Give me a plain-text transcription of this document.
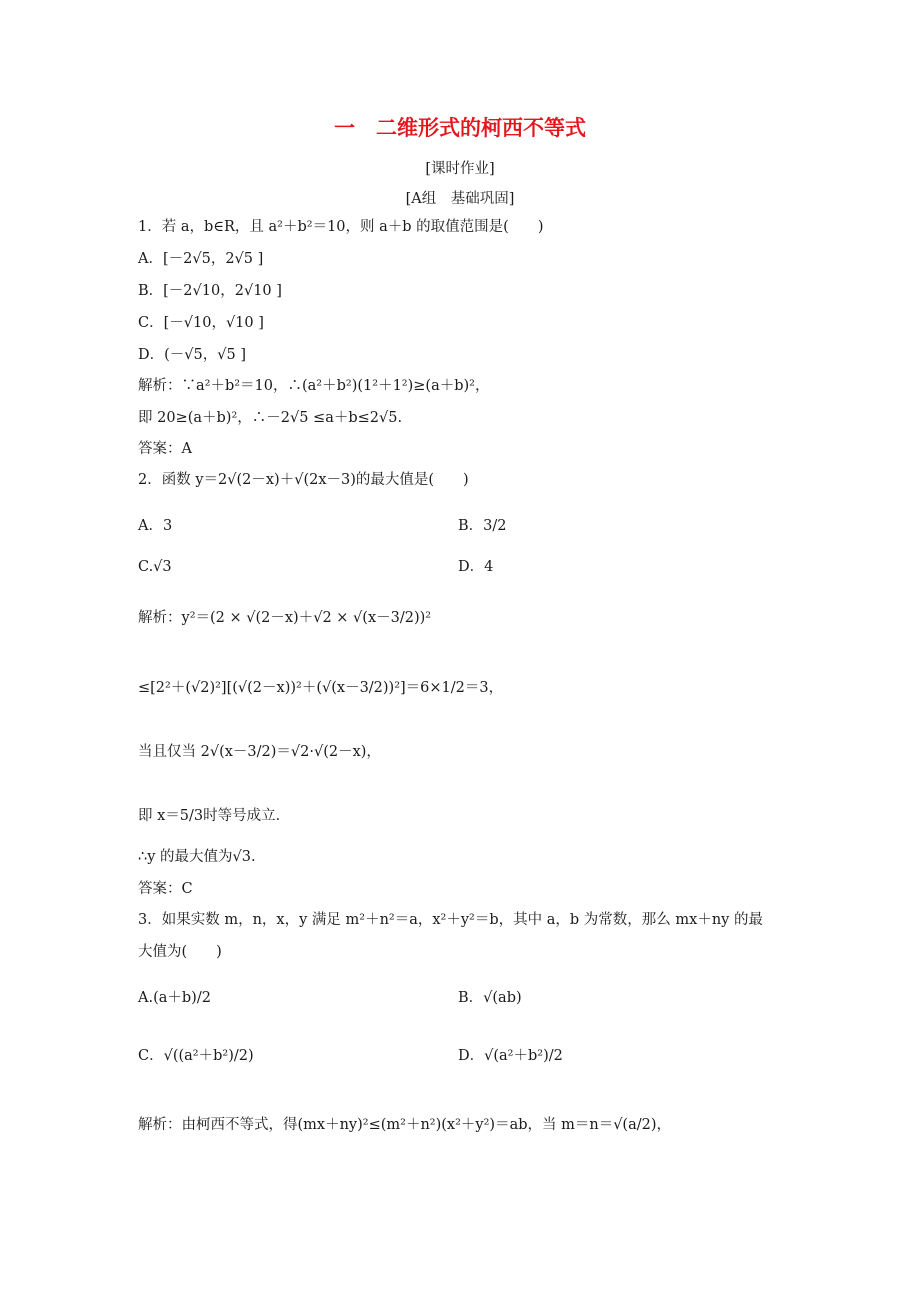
一　二维形式的柯西不等式
[课时作业]
[A组　基础巩固]
1．若 a，b∈R，且 a²＋b²＝10，则 a＋b 的取值范围是(　　)
A．[－2√5，2√5 ]
B．[－2√10，2√10 ]
C．[－√10，√10 ]
D．(－√5，√5 ]
解析：∵a²＋b²＝10，∴(a²＋b²)(1²＋1²)≥(a＋b)²，
即 20≥(a＋b)²，∴－2√5 ≤a＋b≤2√5.
答案：A
2．函数 y＝2√(2－x)＋√(2x－3)的最大值是(　　)
A．3	B．3/2
C.√3	D．4
解析：y²＝(2 × √(2－x)＋√2 × √(x－3/2))²
≤[2²＋(√2)²][(√(2－x))²＋(√(x－3/2))²]＝6×1/2＝3，
当且仅当 2√(x－3/2)＝√2·√(2－x)，
即 x＝5/3时等号成立．
∴y 的最大值为√3.
答案：C
3．如果实数 m，n，x，y 满足 m²＋n²＝a，x²＋y²＝b，其中 a，b 为常数，那么 mx＋ny 的最
大值为(　　)
A.(a＋b)/2	B．√(ab)
C．√((a²＋b²)/2)	D．√(a²＋b²)/2
解析：由柯西不等式，得(mx＋ny)²≤(m²＋n²)(x²＋y²)＝ab，当 m＝n＝√(a/2)，
